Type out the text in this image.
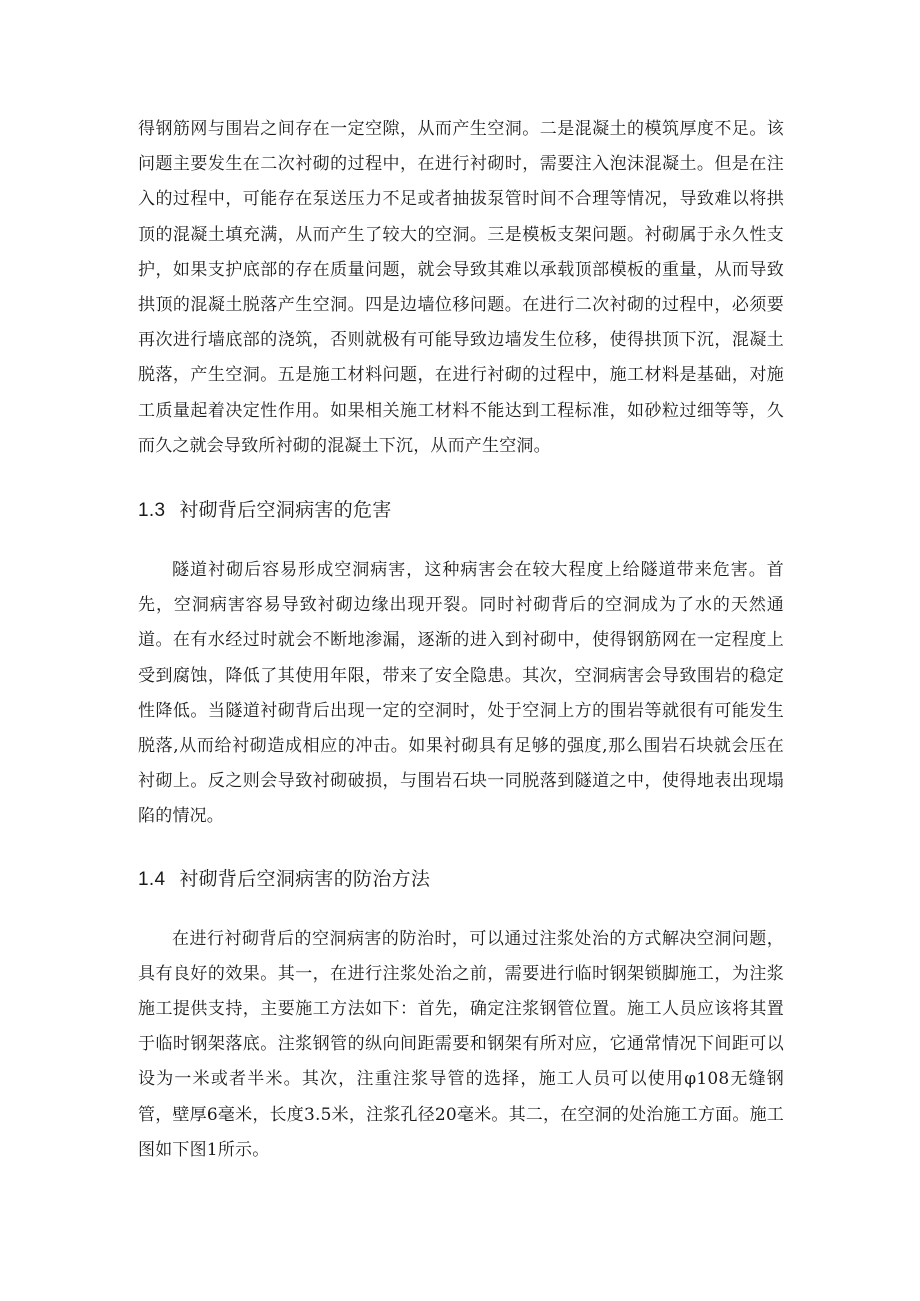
得钢筋网与围岩之间存在一定空隙，从而产生空洞。二是混凝土的模筑厚度不足。该问题主要发生在二次衬砌的过程中，在进行衬砌时，需要注入泡沫混凝土。但是在注入的过程中，可能存在泵送压力不足或者抽拔泵管时间不合理等情况，导致难以将拱顶的混凝土填充满，从而产生了较大的空洞。三是模板支架问题。衬砌属于永久性支护，如果支护底部的存在质量问题，就会导致其难以承载顶部模板的重量，从而导致拱顶的混凝土脱落产生空洞。四是边墙位移问题。在进行二次衬砌的过程中，必须要再次进行墙底部的浇筑，否则就极有可能导致边墙发生位移，使得拱顶下沉，混凝土脱落，产生空洞。五是施工材料问题，在进行衬砌的过程中，施工材料是基础，对施工质量起着决定性作用。如果相关施工材料不能达到工程标准，如砂粒过细等等，久而久之就会导致所衬砌的混凝土下沉，从而产生空洞。

1.3 衬砌背后空洞病害的危害

隧道衬砌后容易形成空洞病害，这种病害会在较大程度上给隧道带来危害。首先，空洞病害容易导致衬砌边缘出现开裂。同时衬砌背后的空洞成为了水的天然通道。在有水经过时就会不断地渗漏，逐渐的进入到衬砌中，使得钢筋网在一定程度上受到腐蚀，降低了其使用年限，带来了安全隐患。其次，空洞病害会导致围岩的稳定性降低。当隧道衬砌背后出现一定的空洞时，处于空洞上方的围岩等就很有可能发生脱落,从而给衬砌造成相应的冲击。如果衬砌具有足够的强度,那么围岩石块就会压在衬砌上。反之则会导致衬砌破损，与围岩石块一同脱落到隧道之中，使得地表出现塌陷的情况。

1.4 衬砌背后空洞病害的防治方法

在进行衬砌背后的空洞病害的防治时，可以通过注浆处治的方式解决空洞问题，具有良好的效果。其一，在进行注浆处治之前，需要进行临时钢架锁脚施工，为注浆施工提供支持，主要施工方法如下：首先，确定注浆钢管位置。施工人员应该将其置于临时钢架落底。注浆钢管的纵向间距需要和钢架有所对应，它通常情况下间距可以设为一米或者半米。其次，注重注浆导管的选择，施工人员可以使用φ108无缝钢管，壁厚6毫米，长度3.5米，注浆孔径20毫米。其二，在空洞的处治施工方面。施工图如下图1所示。
